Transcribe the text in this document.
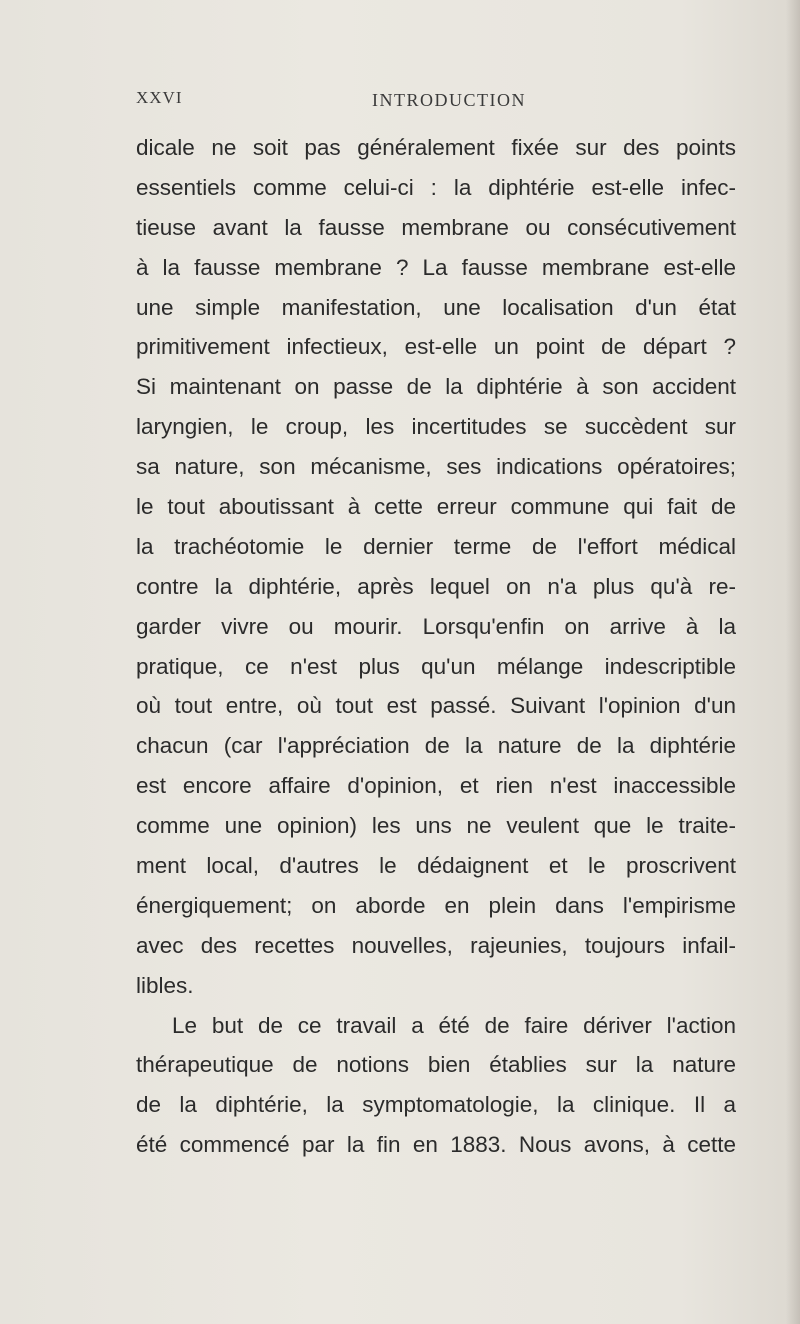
XXVI	INTRODUCTION
dicale ne soit pas généralement fixée sur des points
essentiels comme celui-ci : la diphtérie est-elle infec-
tieuse avant la fausse membrane ou consécutivement
à la fausse membrane ? La fausse membrane est-elle
une simple manifestation, une localisation d'un état
primitivement infectieux, est-elle un point de départ ?
Si maintenant on passe de la diphtérie à son accident
laryngien, le croup, les incertitudes se succèdent sur
sa nature, son mécanisme, ses indications opératoires;
le tout aboutissant à cette erreur commune qui fait de
la trachéotomie le dernier terme de l'effort médical
contre la diphtérie, après lequel on n'a plus qu'à re-
garder vivre ou mourir. Lorsqu'enfin on arrive à la
pratique, ce n'est plus qu'un mélange indescriptible
où tout entre, où tout est passé. Suivant l'opinion d'un
chacun (car l'appréciation de la nature de la diphtérie
est encore affaire d'opinion, et rien n'est inaccessible
comme une opinion) les uns ne veulent que le traite-
ment local, d'autres le dédaignent et le proscrivent
énergiquement; on aborde en plein dans l'empirisme
avec des recettes nouvelles, rajeunies, toujours infail-
libles.
Le but de ce travail a été de faire dériver l'action
thérapeutique de notions bien établies sur la nature
de la diphtérie, la symptomatologie, la clinique. Il a
été commencé par la fin en 1883. Nous avons, à cette
